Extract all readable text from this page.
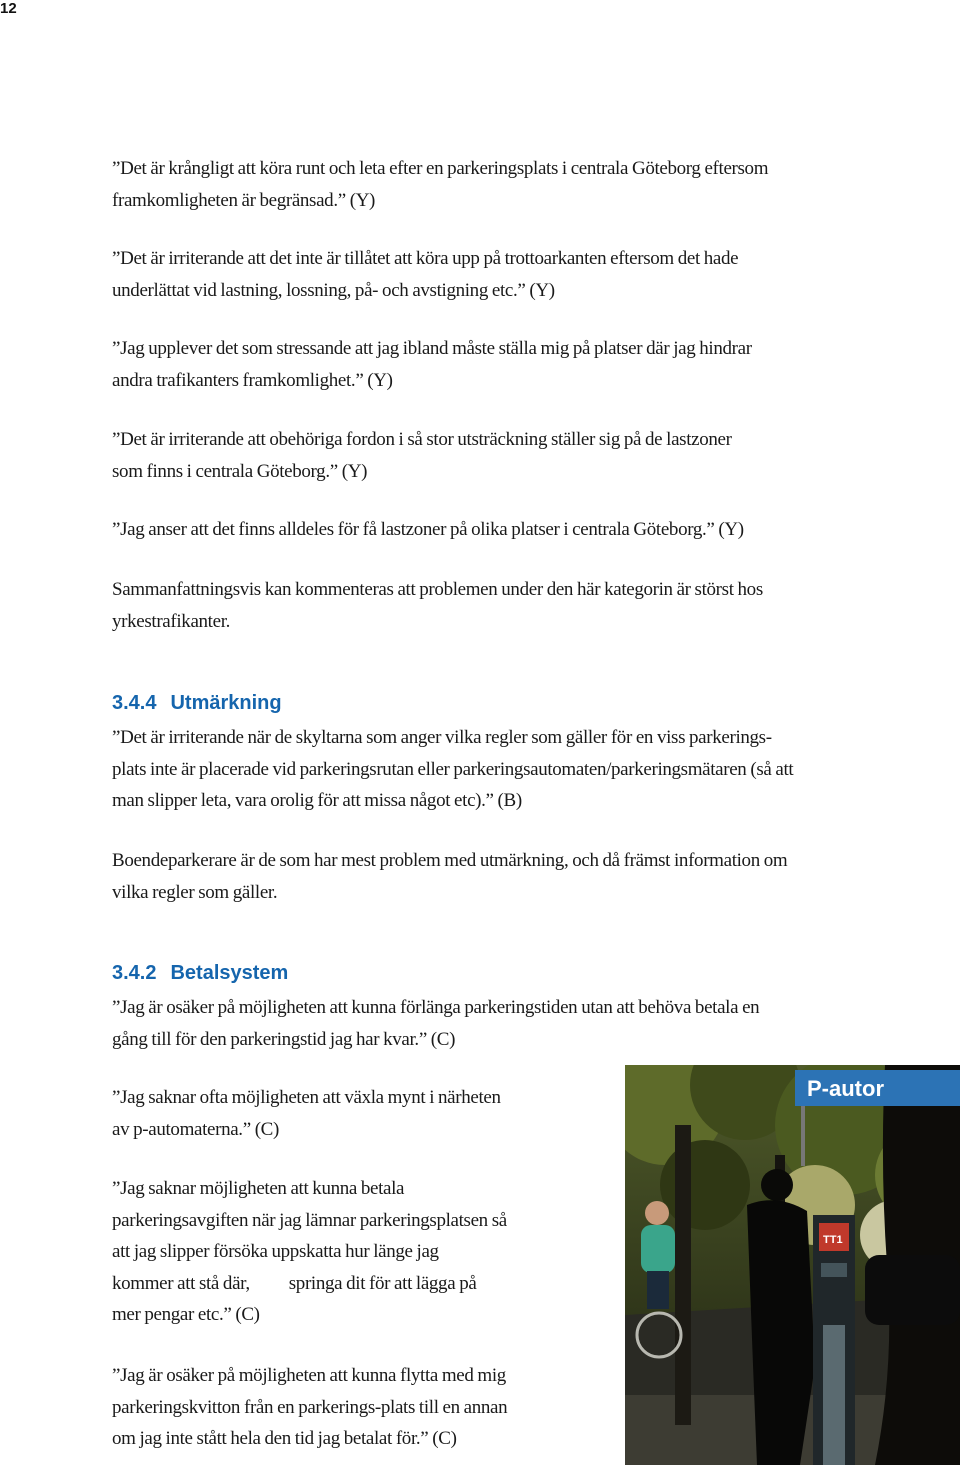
12

”Det är krångligt att köra runt och leta efter en parkeringsplats i centrala Göteborg eftersom
framkomligheten är begränsad.” (Y)

”Det är irriterande att det inte är tillåtet att köra upp på trottoarkanten eftersom det hade
underlättat vid lastning, lossning, på- och avstigning etc.” (Y)

”Jag upplever det som stressande att jag ibland måste ställa mig på platser där jag hindrar
andra trafikanters framkomlighet.” (Y)

”Det är irriterande att obehöriga fordon i så stor utsträckning ställer sig på de lastzoner
som finns i centrala Göteborg.” (Y)

”Jag anser att det finns alldeles för få lastzoner på olika platser i centrala Göteborg.” (Y)

Sammanfattningsvis kan kommenteras att problemen under den här kategorin är störst hos
yrkestrafikanter.

3.4.4 Utmärkning

”Det är irriterande när de skyltarna som anger vilka regler som gäller för en viss parkerings-
plats inte är placerade vid parkeringsrutan eller parkeringsautomaten/parkeringsmätaren (så att
man slipper leta, vara orolig för att missa något etc).” (B)

Boendeparkerare är de som har mest problem med utmärkning, och då främst information om
vilka regler som gäller.

3.4.2 Betalsystem

”Jag är osäker på möjligheten att kunna förlänga parkeringstiden utan att behöva betala en
gång till för den parkeringstid jag har kvar.” (C)

”Jag saknar ofta möjligheten att växla mynt i närheten
av p-automaterna.” (C)

”Jag saknar möjligheten att kunna betala
parkeringsavgiften när jag lämnar parkeringsplatsen så
att jag slipper försöka uppskatta hur länge jag
kommer att stå där,          springa dit för att lägga på
mer pengar etc.” (C)

”Jag är osäker på möjligheten att kunna flytta med mig
parkeringskvitton från en parkerings-plats till en annan
om jag inte stått hela den tid jag betalat för.” (C)

P-autor
TT1
